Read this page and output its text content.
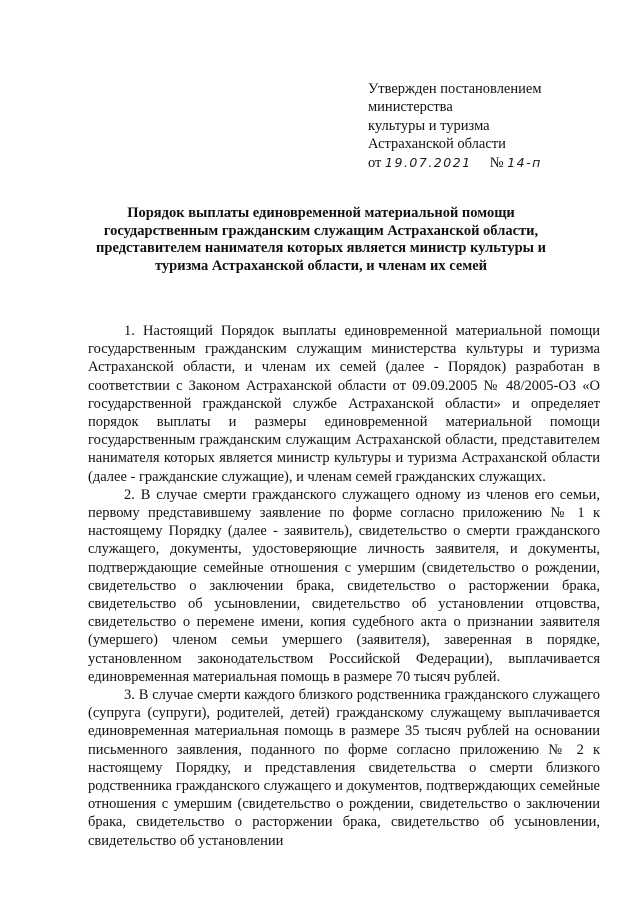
Утвержден постановлением
министерства
культуры и туризма
Астраханской области
от 19.07.2021 № 14-п
Порядок выплаты единовременной материальной помощи государственным гражданским служащим Астраханской области, представителем нанимателя которых является министр культуры и туризма Астраханской области, и членам их семей

1. Настоящий Порядок выплаты единовременной материальной помощи государственным гражданским служащим министерства культуры и туризма Астраханской области, и членам их семей (далее - Порядок) разработан в соответствии с Законом Астраханской области от 09.09.2005 № 48/2005-ОЗ «О государственной гражданской службе Астраханской области» и определяет порядок выплаты и размеры единовременной материальной помощи государственным гражданским служащим Астраханской области, представителем нанимателя которых является министр культуры и туризма Астраханской области (далее - гражданские служащие), и членам семей гражданских служащих.

2. В случае смерти гражданского служащего одному из членов его семьи, первому представившему заявление по форме согласно приложению № 1 к настоящему Порядку (далее - заявитель), свидетельство о смерти гражданского служащего, документы, удостоверяющие личность заявителя, и документы, подтверждающие семейные отношения с умершим (свидетельство о рождении, свидетельство о заключении брака, свидетельство о расторжении брака, свидетельство об усыновлении, свидетельство об установлении отцовства, свидетельство о перемене имени, копия судебного акта о признании заявителя (умершего) членом семьи умершего (заявителя), заверенная в порядке, установленном законодательством Российской Федерации), выплачивается единовременная материальная помощь в размере 70 тысяч рублей.

3. В случае смерти каждого близкого родственника гражданского служащего (супруга (супруги), родителей, детей) гражданскому служащему выплачивается единовременная материальная помощь в размере 35 тысяч рублей на основании письменного заявления, поданного по форме согласно приложению № 2 к настоящему Порядку, и представления свидетельства о смерти близкого родственника гражданского служащего и документов, подтверждающих семейные отношения с умершим (свидетельство о рождении, свидетельство о заключении брака, свидетельство о расторжении брака, свидетельство об усыновлении, свидетельство об установлении
